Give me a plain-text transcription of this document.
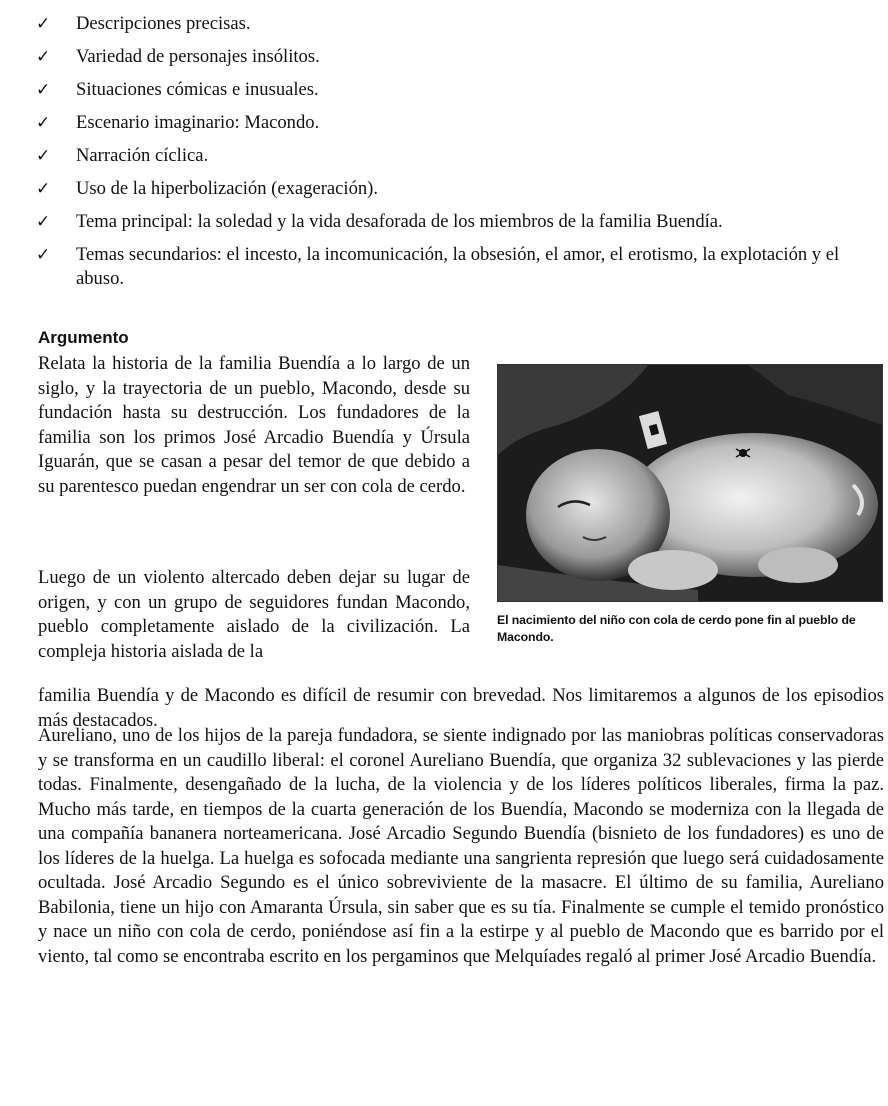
✓ Descripciones precisas.
✓ Variedad de personajes insólitos.
✓ Situaciones cómicas e inusuales.
✓ Escenario imaginario: Macondo.
✓ Narración cíclica.
✓ Uso de la hiperbolización (exageración).
✓ Tema principal: la soledad y la vida desaforada de los miembros de la familia Buendía.
✓ Temas secundarios: el incesto, la incomunicación, la obsesión, el amor, el erotismo, la explotación y el abuso.
Argumento

Relata la historia de la familia Buendía a lo largo de un siglo, y la trayectoria de un pueblo, Macondo, desde su fundación hasta su destrucción. Los fundadores de la familia son los primos José Arcadio Buendía y Úrsula Iguarán, que se casan a pesar del temor de que debido a su parentesco puedan engendrar un ser con cola de cerdo.

Luego de un violento altercado deben dejar su lugar de origen, y con un grupo de seguidores fundan Macondo, pueblo completamente aislado de la civilización. La compleja historia aislada de la

El nacimiento del niño con cola de cerdo pone fin al pueblo de Macondo.

familia Buendía y de Macondo es difícil de resumir con brevedad. Nos limitaremos a algunos de los episodios más destacados.

Aureliano, uno de los hijos de la pareja fundadora, se siente indignado por las maniobras políticas conservadoras y se transforma en un caudillo liberal: el coronel Aureliano Buendía, que organiza 32 sublevaciones y las pierde todas. Finalmente, desengañado de la lucha, de la violencia y de los líderes políticos liberales, firma la paz. Mucho más tarde, en tiempos de la cuarta generación de los Buendía, Macondo se moderniza con la llegada de una compañía bananera norteamericana. José Arcadio Segundo Buendía (bisnieto de los fundadores) es uno de los líderes de la huelga. La huelga es sofocada mediante una sangrienta represión que luego será cuidadosamente ocultada. José Arcadio Segundo es el único sobreviviente de la masacre. El último de su familia, Aureliano Babilonia, tiene un hijo con Amaranta Úrsula, sin saber que es su tía. Finalmente se cumple el temido pronóstico y nace un niño con cola de cerdo, poniéndose así fin a la estirpe y al pueblo de Macondo que es barrido por el viento, tal como se encontraba escrito en los pergaminos que Melquíades regaló al primer José Arcadio Buendía.
